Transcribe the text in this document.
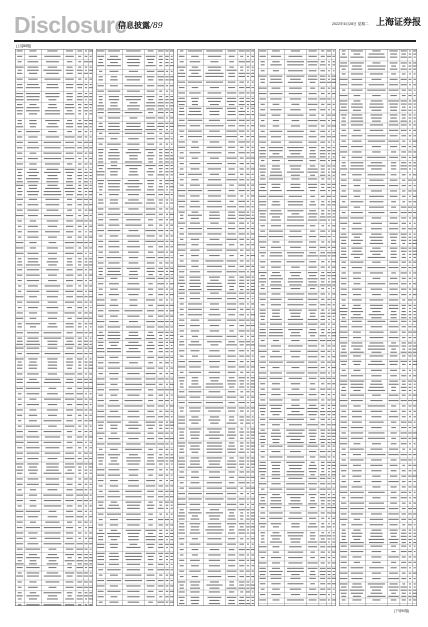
Disclosure
信息披露/89	2022年6月28日 星期二 上海证券报
(上接88版)
(下转90版)
